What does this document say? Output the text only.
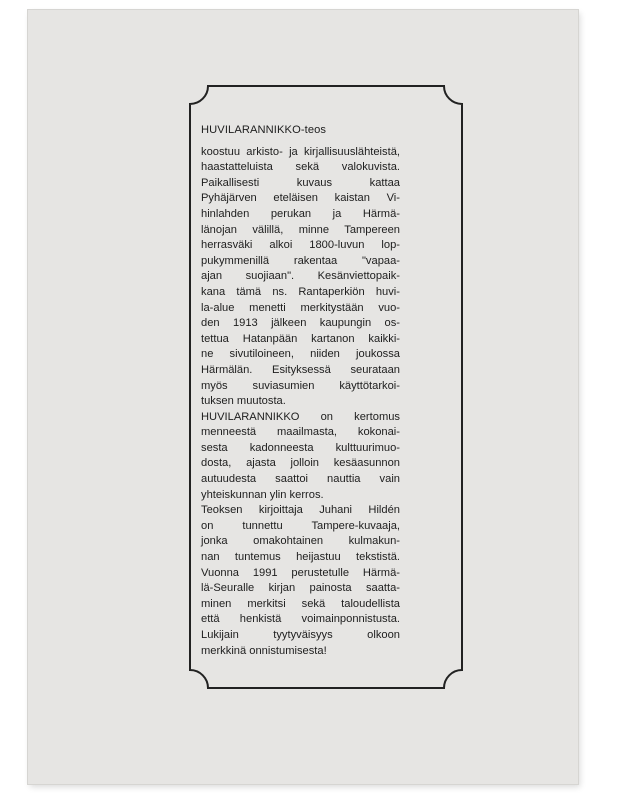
HUVILARANNIKKO-teos
koostuu arkisto- ja kirjallisuuslähteistä,
haastatteluista sekä valokuvista.
Paikallisesti kuvaus kattaa
Pyhäjärven eteläisen kaistan Vi-
hinlahden perukan ja Härmä-
länojan välillä, minne Tampereen
herrasväki alkoi 1800-luvun lop-
pukymmenillä rakentaa "vapaa-
ajan suojiaan". Kesänviettopaik-
kana tämä ns. Rantaperkiön huvi-
la-alue menetti merkitystään vuo-
den 1913 jälkeen kaupungin os-
tettua Hatanpään kartanon kaikki-
ne sivutiloineen, niiden joukossa
Härmälän. Esityksessä seurataan
myös suviasumien käyttötarkoi-
tuksen muutosta.
HUVILARANNIKKO on kertomus
menneestä maailmasta, kokonai-
sesta kadonneesta kulttuurimuo-
dosta, ajasta jolloin kesäasunnon
autuudesta saattoi nauttia vain
yhteiskunnan ylin kerros.
Teoksen kirjoittaja Juhani Hildén
on tunnettu Tampere-kuvaaja,
jonka omakohtainen kulmakun-
nan tuntemus heijastuu tekstistä.
Vuonna 1991 perustetulle Härmä-
lä-Seuralle kirjan painosta saatta-
minen merkitsi sekä taloudellista
että henkistä voimainponnistusta.
Lukijain tyytyväisyys olkoon
merkkinä onnistumisesta!
